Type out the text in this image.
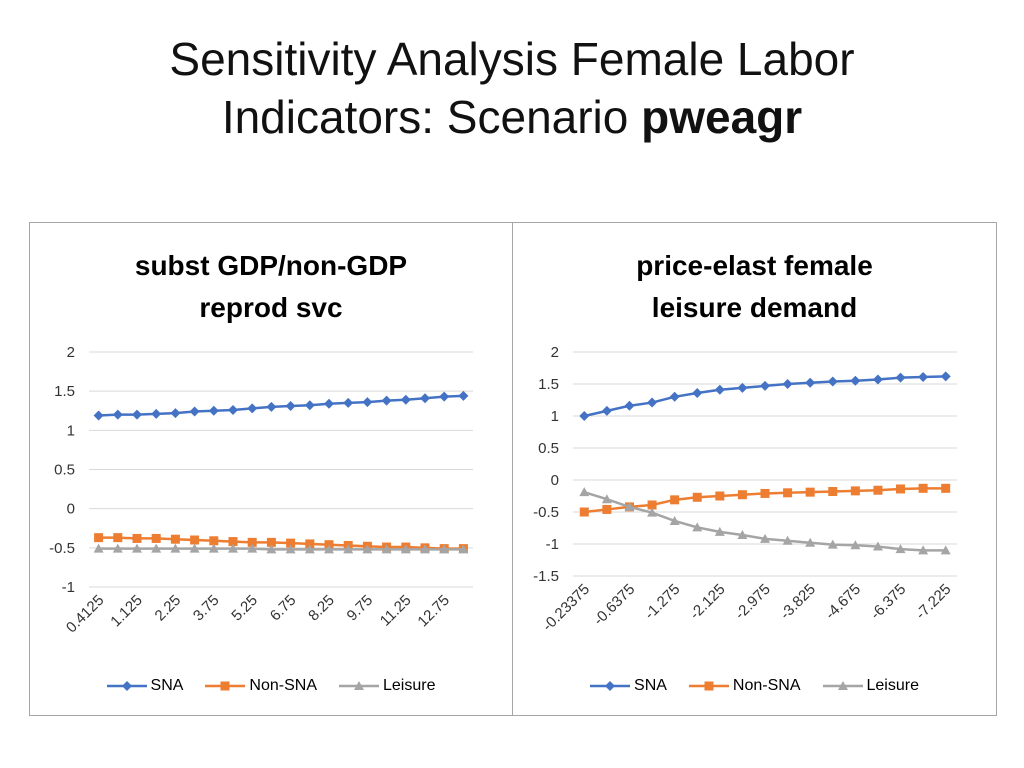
Sensitivity Analysis Female Labor
Indicators: Scenario pweagr
subst GDP/non-GDP
reprod svc
2
1.5
1
0.5
0
-0.5
-1
0.4125 1.125 2.25 3.75 5.25 6.75 8.25 9.75 11.25 12.75
SNA	Non-SNA	Leisure
price-elast female
leisure demand
2
1.5
1
0.5
0
-0.5
-1
-1.5
-0.23375
-0.6375 -1.275 -2.125 -2.975 -3.825 -4.675 -6.375 -7.225
SNA	Non-SNA	Leisure
